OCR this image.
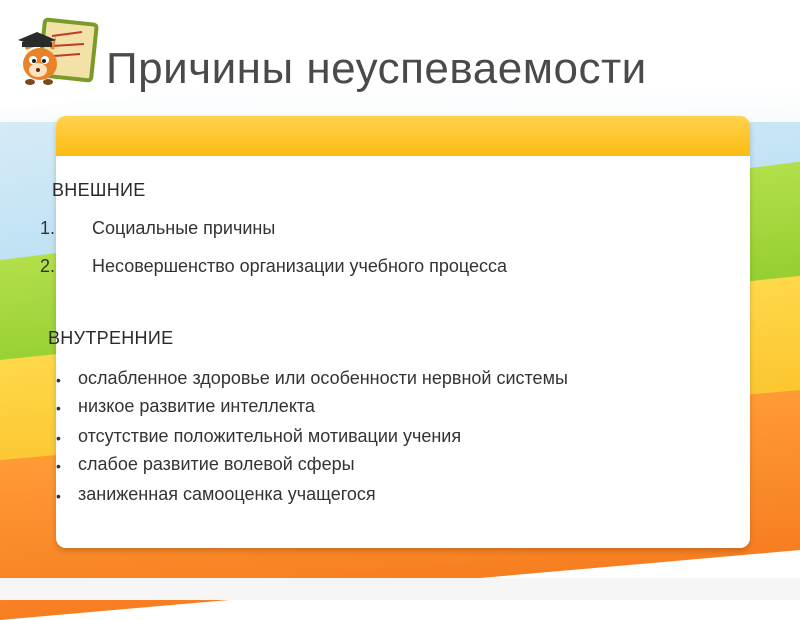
Причины неуспеваемости
ВНЕШНИЕ
1. Социальные причины
2. Несовершенство организации учебного процесса
ВНУТРЕННИЕ
• ослабленное здоровье или особенности нервной системы
• низкое развитие интеллекта
• отсутствие положительной мотивации учения
• слабое развитие волевой сферы
• заниженная самооценка учащегося
